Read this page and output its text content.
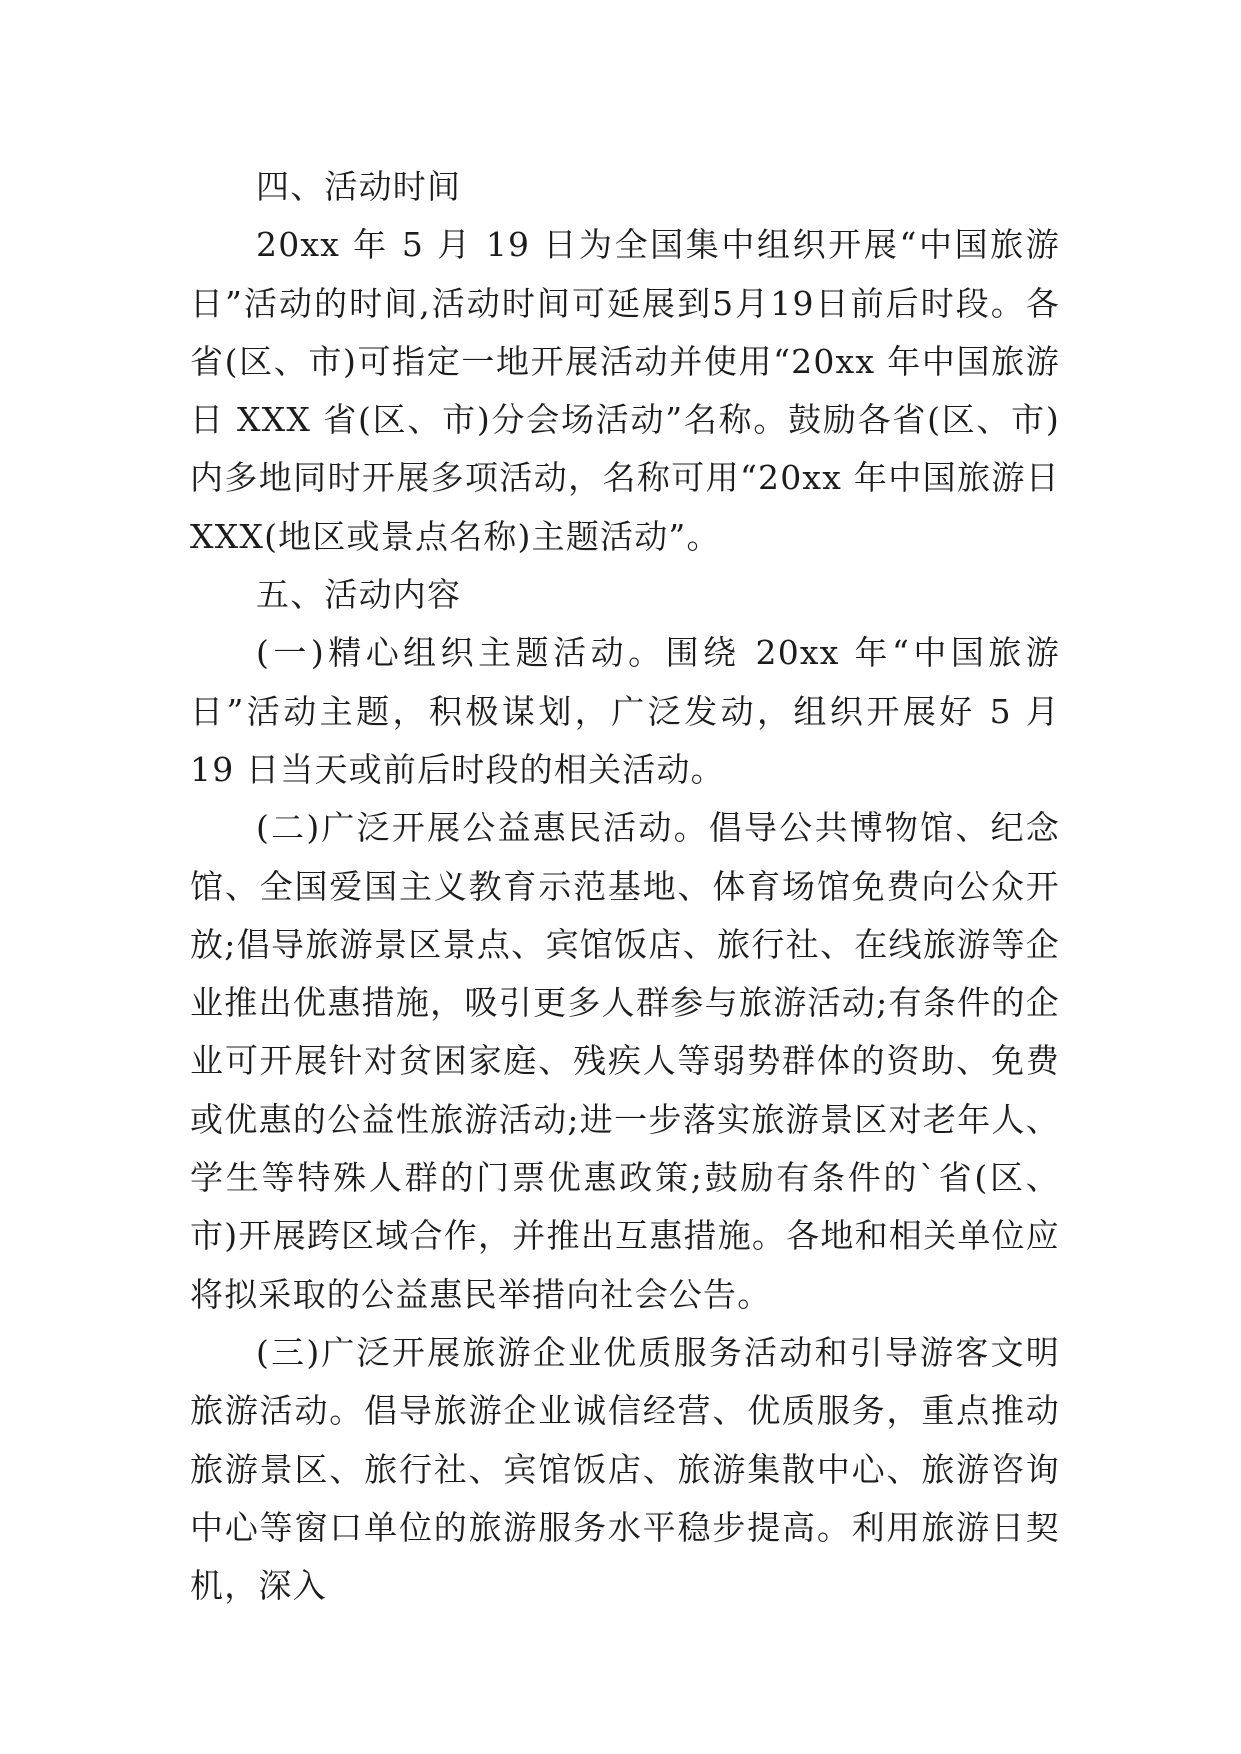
四、活动时间

20xx 年 5 月 19 日为全国集中组织开展“中国旅游日”活动的时间,活动时间可延展到5月19日前后时段。各省(区、市)可指定一地开展活动并使用“20xx 年中国旅游日 XXX 省(区、市)分会场活动”名称。鼓励各省(区、市)内多地同时开展多项活动，名称可用“20xx 年中国旅游日 XXX(地区或景点名称)主题活动”。

五、活动内容

(一)精心组织主题活动。围绕 20xx 年“中国旅游日”活动主题，积极谋划，广泛发动，组织开展好 5 月 19 日当天或前后时段的相关活动。

(二)广泛开展公益惠民活动。倡导公共博物馆、纪念馆、全国爱国主义教育示范基地、体育场馆免费向公众开放;倡导旅游景区景点、宾馆饭店、旅行社、在线旅游等企业推出优惠措施，吸引更多人群参与旅游活动;有条件的企业可开展针对贫困家庭、残疾人等弱势群体的资助、免费或优惠的公益性旅游活动;进一步落实旅游景区对老年人、学生等特殊人群的门票优惠政策;鼓励有条件的`省(区、市)开展跨区域合作，并推出互惠措施。各地和相关单位应将拟采取的公益惠民举措向社会公告。

(三)广泛开展旅游企业优质服务活动和引导游客文明旅游活动。倡导旅游企业诚信经营、优质服务，重点推动旅游景区、旅行社、宾馆饭店、旅游集散中心、旅游咨询中心等窗口单位的旅游服务水平稳步提高。利用旅游日契机，深入
